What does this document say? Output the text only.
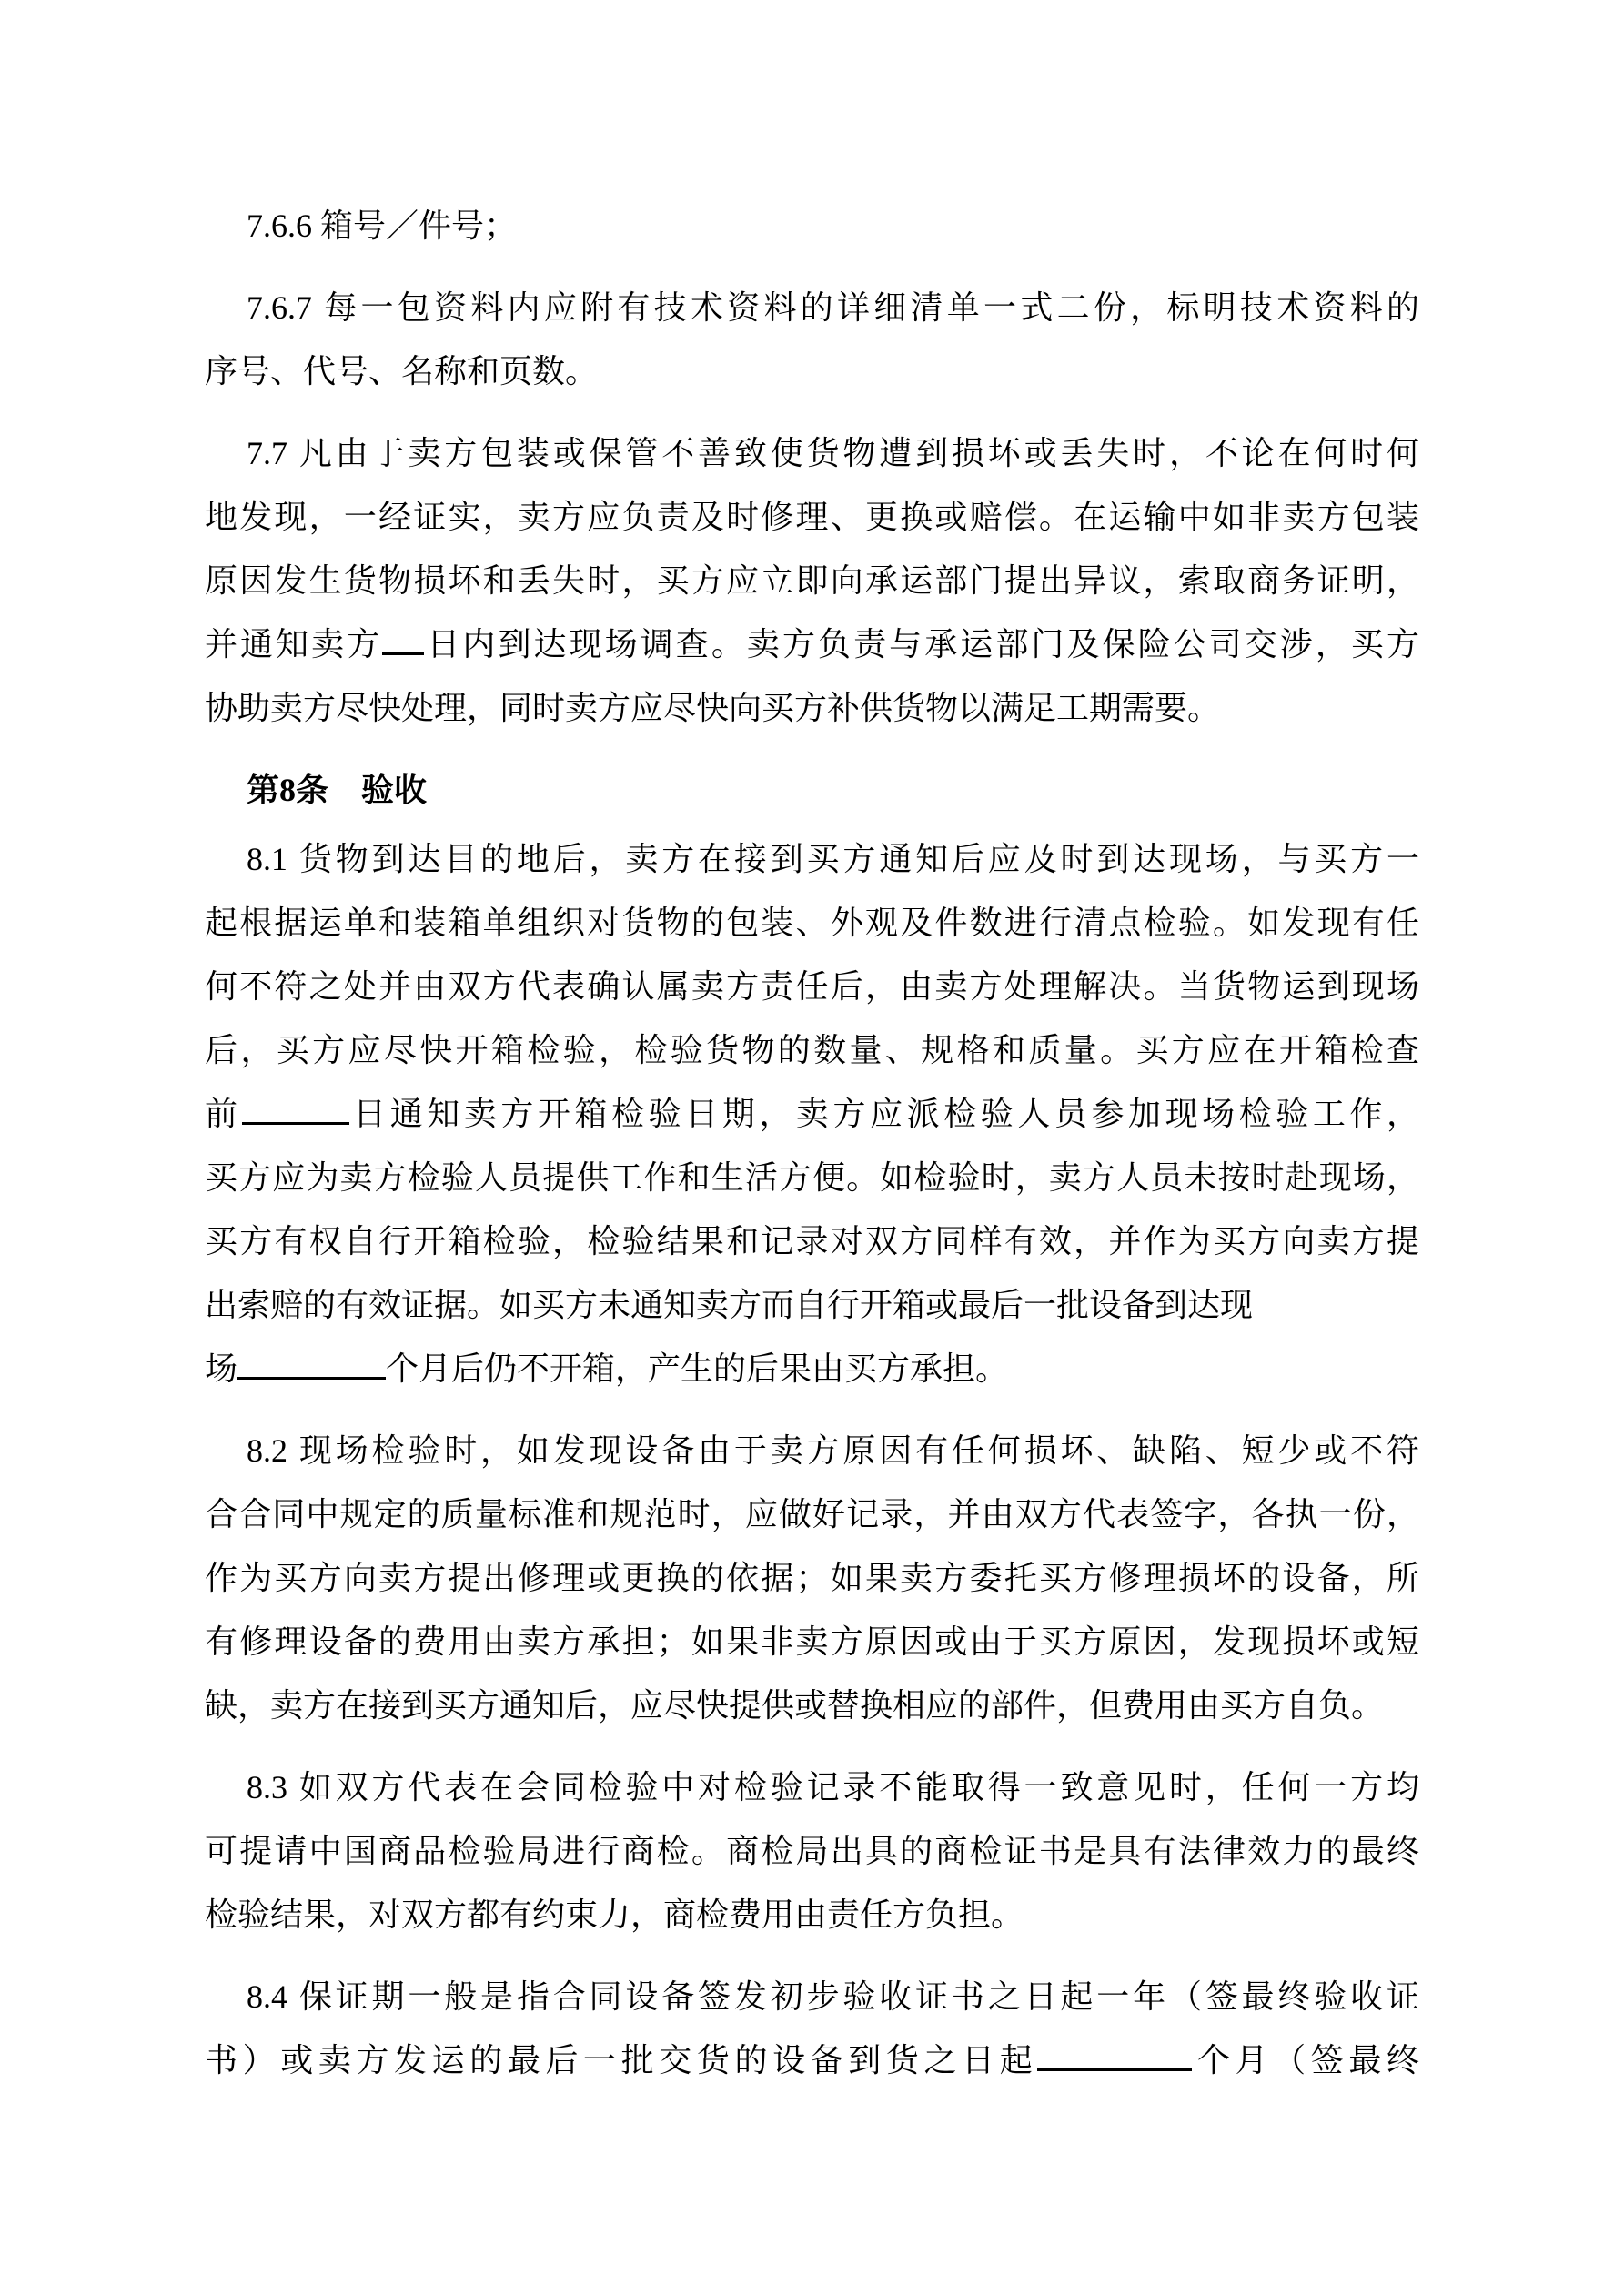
7.6.6 箱号／件号；
7.6.7 每一包资料内应附有技术资料的详细清单一式二份，标明技术资料的
序号、代号、名称和页数。
7.7 凡由于卖方包装或保管不善致使货物遭到损坏或丢失时，不论在何时何
地发现，一经证实，卖方应负责及时修理、更换或赔偿。在运输中如非卖方包装
原因发生货物损坏和丢失时，买方应立即向承运部门提出异议，索取商务证明，
并通知卖方 日内到达现场调查。卖方负责与承运部门及保险公司交涉，买方
协助卖方尽快处理，同时卖方应尽快向买方补供货物以满足工期需要。
第8条　验收
8.1 货物到达目的地后，卖方在接到买方通知后应及时到达现场，与买方一
起根据运单和装箱单组织对货物的包装、外观及件数进行清点检验。如发现有任
何不符之处并由双方代表确认属卖方责任后，由卖方处理解决。当货物运到现场
后，买方应尽快开箱检验，检验货物的数量、规格和质量。买方应在开箱检查
前	日通知卖方开箱检验日期，卖方应派检验人员参加现场检验工作，
买方应为卖方检验人员提供工作和生活方便。如检验时，卖方人员未按时赴现场，
买方有权自行开箱检验，检验结果和记录对双方同样有效，并作为买方向卖方提
出索赔的有效证据。如买方未通知卖方而自行开箱或最后一批设备到达现
场	个月后仍不开箱，产生的后果由买方承担。
8.2 现场检验时，如发现设备由于卖方原因有任何损坏、缺陷、短少或不符
合合同中规定的质量标准和规范时，应做好记录，并由双方代表签字，各执一份，
作为买方向卖方提出修理或更换的依据；如果卖方委托买方修理损坏的设备，所
有修理设备的费用由卖方承担；如果非卖方原因或由于买方原因，发现损坏或短
缺，卖方在接到买方通知后，应尽快提供或替换相应的部件，但费用由买方自负。
8.3 如双方代表在会同检验中对检验记录不能取得一致意见时，任何一方均
可提请中国商品检验局进行商检。商检局出具的商检证书是具有法律效力的最终
检验结果，对双方都有约束力，商检费用由责任方负担。
8.4 保证期一般是指合同设备签发初步验收证书之日起一年（签最终验收证
书）或卖方发运的最后一批交货的设备到货之日起	个月（签最终
